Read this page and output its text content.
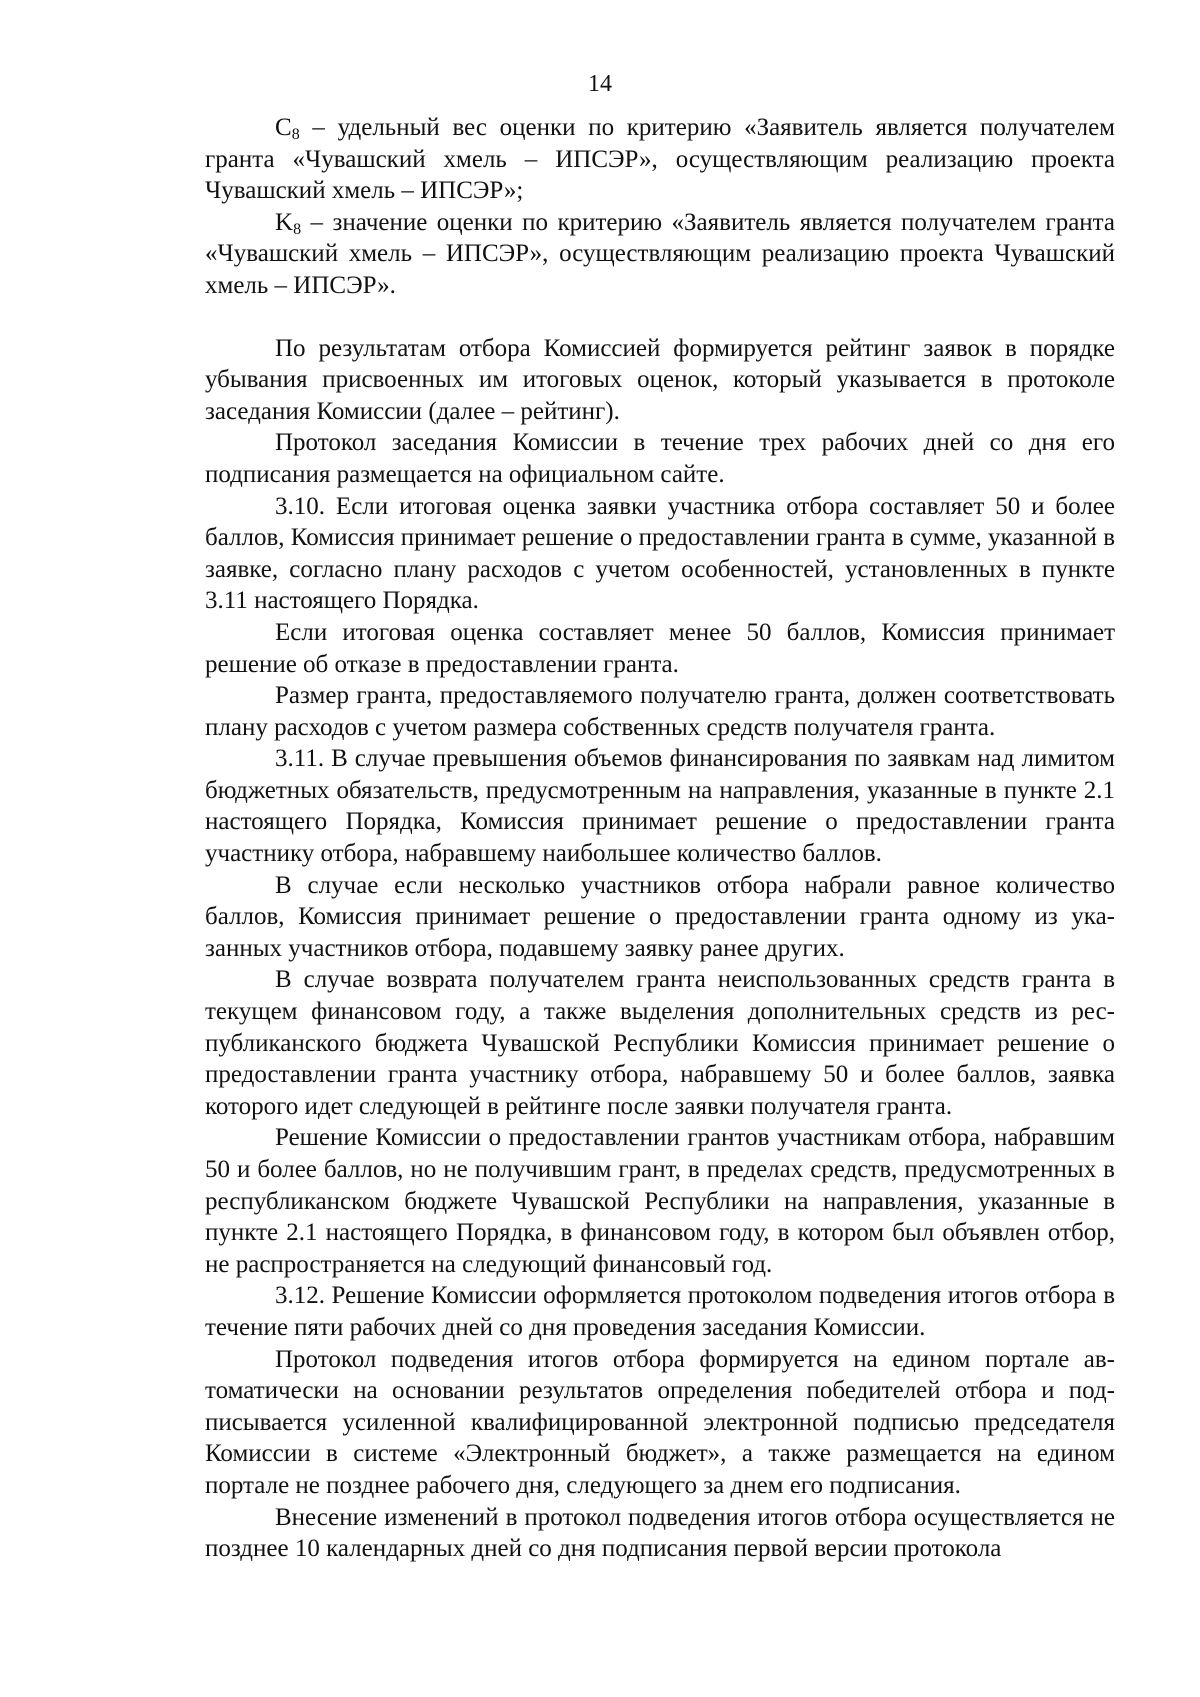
14

$C_8$ – удельный вес оценки по критерию «Заявитель является получателем гранта «Чувашский хмель – ИПСЭР», осуществляющим реализацию проекта Чувашский хмель – ИПСЭР»;

$K_8$ – значение оценки по критерию «Заявитель является получателем гранта «Чувашский хмель – ИПСЭР», осуществляющим реализацию проекта Чувашский хмель – ИПСЭР».

По результатам отбора Комиссией формируется рейтинг заявок в порядке убывания присвоенных им итоговых оценок, который указывается в протоколе заседания Комиссии (далее – рейтинг).

Протокол заседания Комиссии в течение трех рабочих дней со дня его подписания размещается на официальном сайте.

3.10. Если итоговая оценка заявки участника отбора составляет 50 и более баллов, Комиссия принимает решение о предоставлении гранта в сумме, указанной в заявке, согласно плану расходов с учетом особенностей, установленных в пункте 3.11 настоящего Порядка.

Если итоговая оценка составляет менее 50 баллов, Комиссия принимает решение об отказе в предоставлении гранта.

Размер гранта, предоставляемого получателю гранта, должен соответствовать плану расходов с учетом размера собственных средств получателя гранта.

3.11. В случае превышения объемов финансирования по заявкам над лимитом бюджетных обязательств, предусмотренным на направления, указанные в пункте 2.1 настоящего Порядка, Комиссия принимает решение о предоставлении гранта участнику отбора, набравшему наибольшее количество баллов.

В случае если несколько участников отбора набрали равное количество баллов, Комиссия принимает решение о предоставлении гранта одному из указанных участников отбора, подавшему заявку ранее других.

В случае возврата получателем гранта неиспользованных средств гранта в текущем финансовом году, а также выделения дополнительных средств из республиканского бюджета Чувашской Республики Комиссия принимает решение о предоставлении гранта участнику отбора, набравшему 50 и более баллов, заявка которого идет следующей в рейтинге после заявки получателя гранта.

Решение Комиссии о предоставлении грантов участникам отбора, набравшим 50 и более баллов, но не получившим грант, в пределах средств, предусмотренных в республиканском бюджете Чувашской Республики на направления, указанные в пункте 2.1 настоящего Порядка, в финансовом году, в котором был объявлен отбор, не распространяется на следующий финансовый год.

3.12. Решение Комиссии оформляется протоколом подведения итогов отбора в течение пяти рабочих дней со дня проведения заседания Комиссии.

Протокол подведения итогов отбора формируется на едином портале автоматически на основании результатов определения победителей отбора и подписывается усиленной квалифицированной электронной подписью председателя Комиссии в системе «Электронный бюджет», а также размещается на едином портале не позднее рабочего дня, следующего за днем его подписания.

Внесение изменений в протокол подведения итогов отбора осуществляется не позднее 10 календарных дней со дня подписания первой версии протокола
